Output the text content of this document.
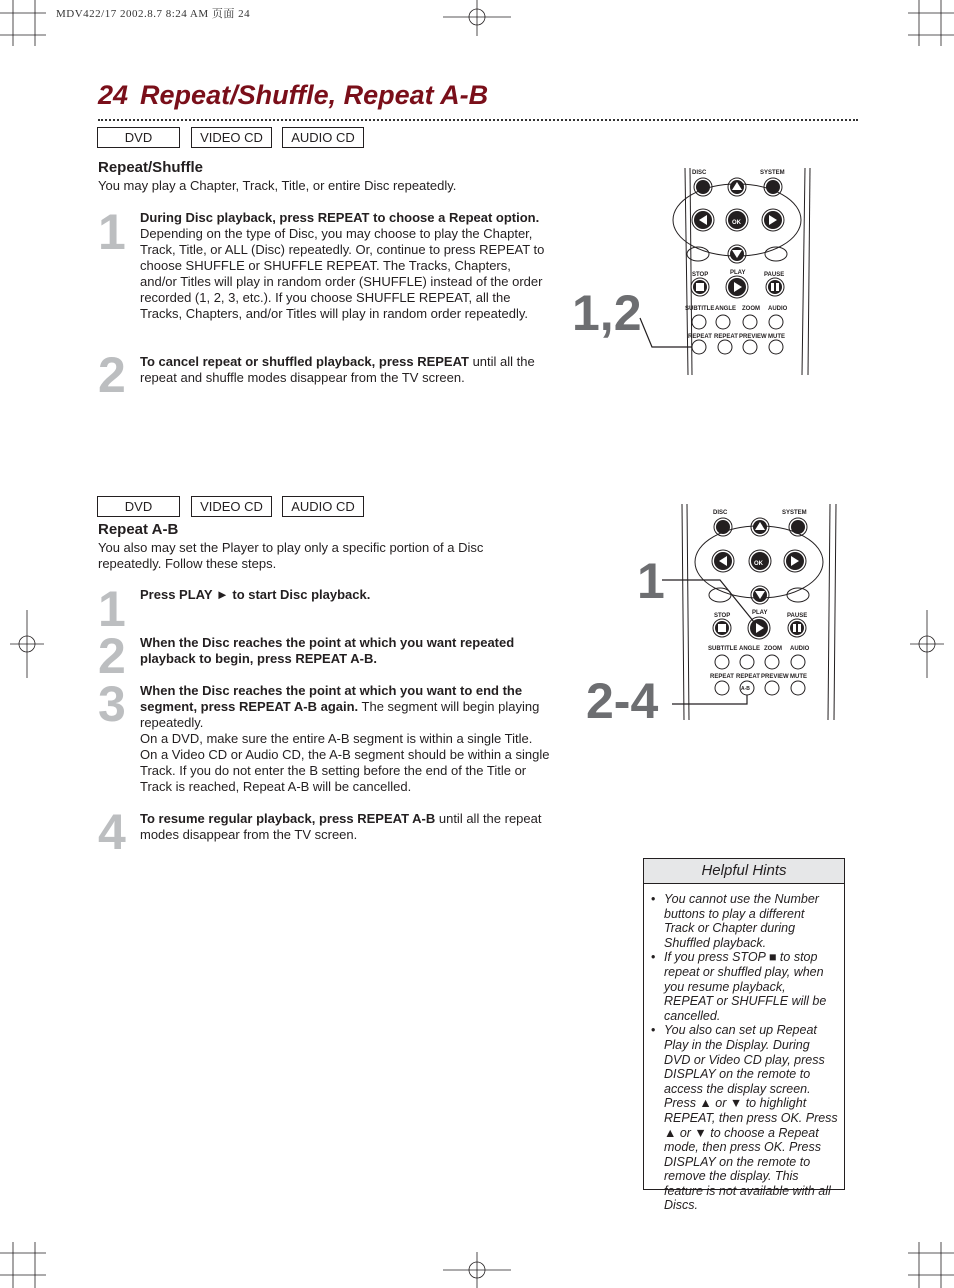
MDV422/17 2002.8.7 8:24 AM 页面 24
24 Repeat/Shuffle, Repeat A-B
DVD	VIDEO CD	AUDIO CD
Repeat/Shuffle
You may play a Chapter, Track, Title, or entire Disc repeatedly.
1 During Disc playback, press REPEAT to choose a Repeat option. Depending on the type of Disc, you may choose to play the Chapter, Track, Title, or ALL (Disc) repeatedly. Or, continue to press REPEAT to choose SHUFFLE or SHUFFLE REPEAT. The Tracks, Chapters, and/or Titles will play in random order (SHUFFLE) instead of the order recorded (1, 2, 3, etc.). If you choose SHUFFLE REPEAT, all the Tracks, Chapters, and/or Titles will play in random order repeatedly.
2 To cancel repeat or shuffled playback, press REPEAT until all the repeat and shuffle modes disappear from the TV screen.
DISC	SYSTEM
OK
STOP	PLAY	PAUSE
SUBTITLE ANGLE ZOOM AUDIO
REPEAT REPEAT PREVIEW MUTE
1,2
DVD	VIDEO CD	AUDIO CD
Repeat A-B
You also may set the Player to play only a specific portion of a Disc repeatedly. Follow these steps.
1 Press PLAY ► to start Disc playback.
2 When the Disc reaches the point at which you want repeated playback to begin, press REPEAT A-B.
3 When the Disc reaches the point at which you want to end the segment, press REPEAT A-B again. The segment will begin playing repeatedly.
On a DVD, make sure the entire A-B segment is within a single Title. On a Video CD or Audio CD, the A-B segment should be within a single Track. If you do not enter the B setting before the end of the Title or Track is reached, Repeat A-B will be cancelled.
4 To resume regular playback, press REPEAT A-B until all the repeat modes disappear from the TV screen.
DISC	SYSTEM
OK
STOP	PLAY	PAUSE
SUBTITLE ANGLE ZOOM AUDIO
REPEAT REPEAT PREVIEW MUTE
A-B
1
2-4
Helpful Hints
• You cannot use the Number buttons to play a different Track or Chapter during Shuffled playback.
• If you press STOP ■ to stop repeat or shuffled play, when you resume playback, REPEAT or SHUFFLE will be cancelled.
• You also can set up Repeat Play in the Display. During DVD or Video CD play, press DISPLAY on the remote to access the display screen. Press ▲ or ▼ to highlight REPEAT, then press OK. Press ▲ or ▼ to choose a Repeat mode, then press OK. Press DISPLAY on the remote to remove the display. This feature is not available with all Discs.
